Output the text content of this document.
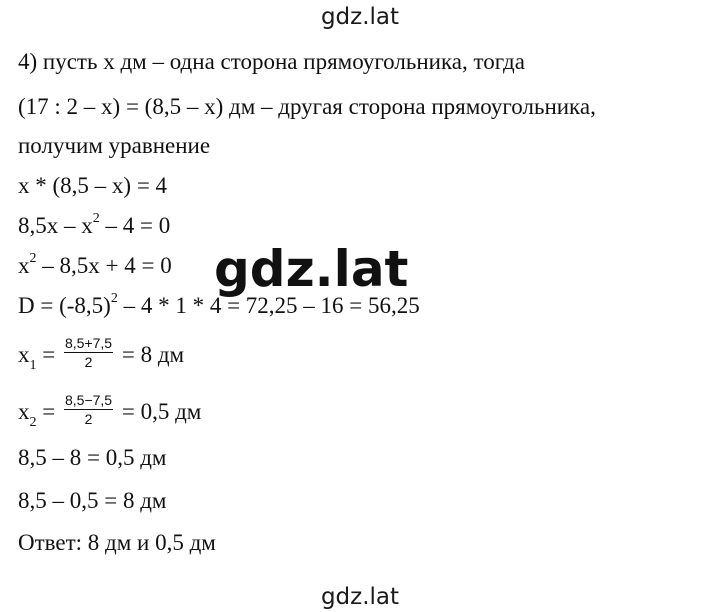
gdz.lat
4) пусть x дм – одна сторона прямоугольника, тогда
(17 : 2 – x) = (8,5 – x) дм – другая сторона прямоугольника,
получим уравнение
x * (8,5 – x) = 4
$8,5x - x^2 - 4 = 0$
$x^2 - 8,5x + 4 = 0$
$D = (-8,5)^2 - 4 * 1 * 4 = 72,25 - 16 = 56,25$
$x_1 = \frac{8,5+7,5}{2} = 8$ дм
$x_2 = \frac{8,5-7,5}{2} = 0,5$ дм
8,5 – 8 = 0,5 дм
8,5 – 0,5 = 8 дм
Ответ: 8 дм и 0,5 дм
gdz.lat
gdz.lat
